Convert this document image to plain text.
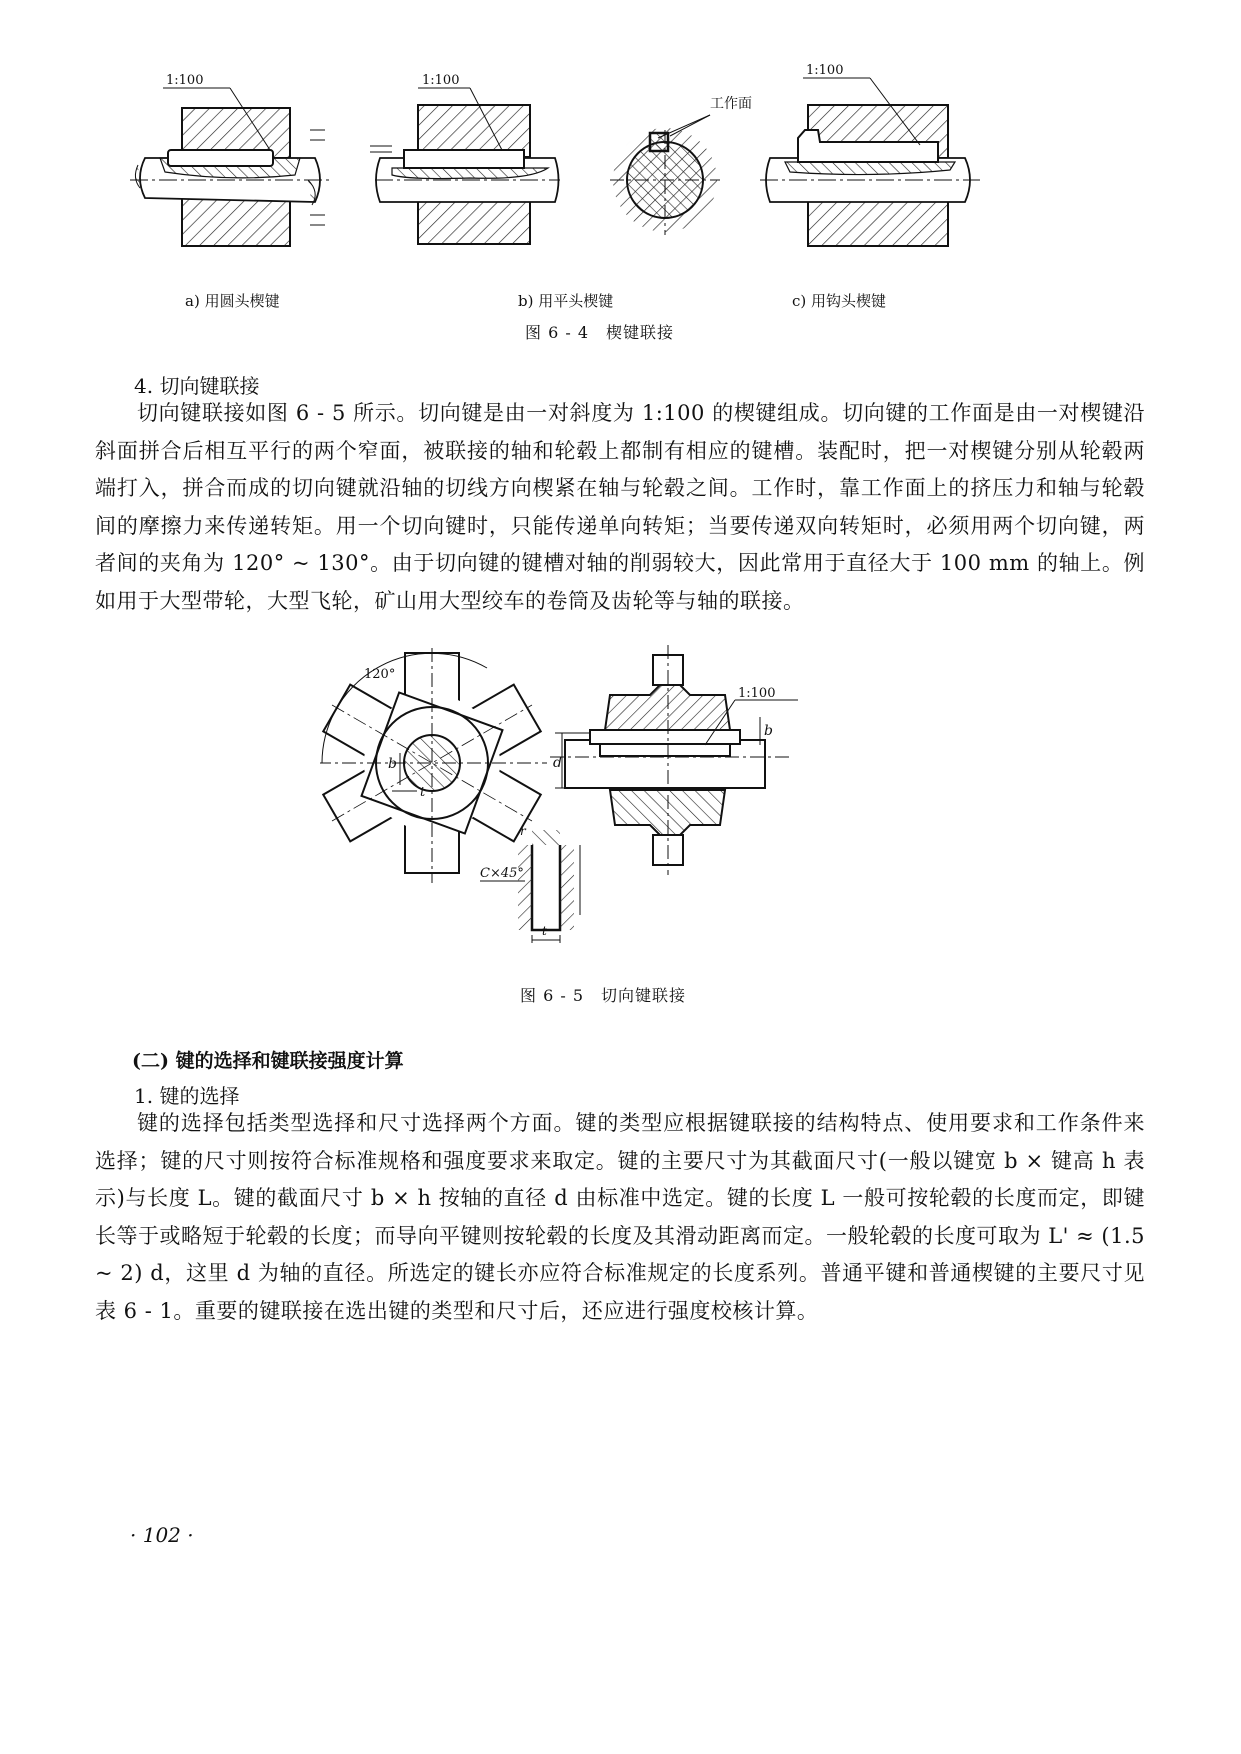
1:100	1:100
工作面
1:100
a) 用圆头楔键	b) 用平头楔键	c) 用钩头楔键
图 6 - 4　楔键联接
4. 切向键联接
切向键联接如图 6 - 5 所示。切向键是由一对斜度为 1:100 的楔键组成。切向键的工作面是由一对楔键沿斜面拼合后相互平行的两个窄面，被联接的轴和轮毂上都制有相应的键槽。装配时，把一对楔键分别从轮毂两端打入，拼合而成的切向键就沿轴的切线方向楔紧在轴与轮毂之间。工作时，靠工作面上的挤压力和轴与轮毂间的摩擦力来传递转矩。用一个切向键时，只能传递单向转矩；当要传递双向转矩时，必须用两个切向键，两者间的夹角为 120° ~ 130°。由于切向键的键槽对轴的削弱较大，因此常用于直径大于 100 mm 的轴上。例如用于大型带轮，大型飞轮，矿山用大型绞车的卷筒及齿轮等与轴的联接。
120°
b
t
d
b
1:100
C×45°
t
r
图 6 - 5　切向键联接
(二) 键的选择和键联接强度计算
1. 键的选择
键的选择包括类型选择和尺寸选择两个方面。键的类型应根据键联接的结构特点、使用要求和工作条件来选择；键的尺寸则按符合标准规格和强度要求来取定。键的主要尺寸为其截面尺寸(一般以键宽 b × 键高 h 表示)与长度 L。键的截面尺寸 b × h 按轴的直径 d 由标准中选定。键的长度 L 一般可按轮毂的长度而定，即键长等于或略短于轮毂的长度；而导向平键则按轮毂的长度及其滑动距离而定。一般轮毂的长度可取为 L' ≈ (1.5 ~ 2) d，这里 d 为轴的直径。所选定的键长亦应符合标准规定的长度系列。普通平键和普通楔键的主要尺寸见表 6 - 1。重要的键联接在选出键的类型和尺寸后，还应进行强度校核计算。
· 102 ·
